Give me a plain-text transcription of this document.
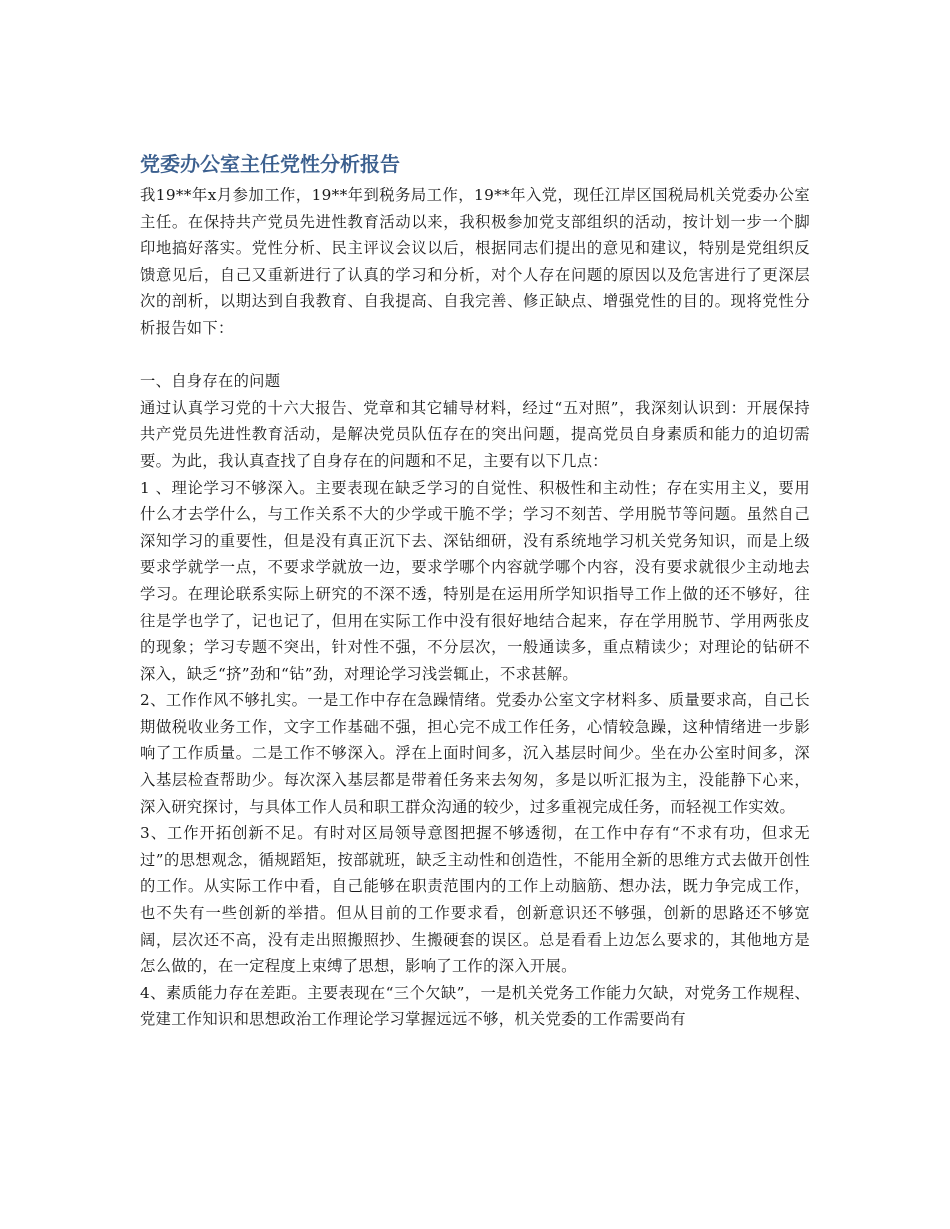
党委办公室主任党性分析报告

我19**年x月参加工作，19**年到税务局工作，19**年入党，现任江岸区国税局机关党委办公室主任。在保持共产党员先进性教育活动以来，我积极参加党支部组织的活动，按计划一步一个脚印地搞好落实。党性分析、民主评议会议以后，根据同志们提出的意见和建议，特别是党组织反馈意见后，自己又重新进行了认真的学习和分析，对个人存在问题的原因以及危害进行了更深层次的剖析，以期达到自我教育、自我提高、自我完善、修正缺点、增强党性的目的。现将党性分析报告如下：

一、自身存在的问题

通过认真学习党的十六大报告、党章和其它辅导材料，经过“五对照”，我深刻认识到：开展保持共产党员先进性教育活动，是解决党员队伍存在的突出问题，提高党员自身素质和能力的迫切需要。为此，我认真查找了自身存在的问题和不足，主要有以下几点：

1 、理论学习不够深入。主要表现在缺乏学习的自觉性、积极性和主动性；存在实用主义，要用什么才去学什么，与工作关系不大的少学或干脆不学；学习不刻苦、学用脱节等问题。虽然自己深知学习的重要性，但是没有真正沉下去、深钻细研，没有系统地学习机关党务知识，而是上级要求学就学一点，不要求学就放一边，要求学哪个内容就学哪个内容，没有要求就很少主动地去学习。在理论联系实际上研究的不深不透，特别是在运用所学知识指导工作上做的还不够好，往往是学也学了，记也记了，但用在实际工作中没有很好地结合起来，存在学用脱节、学用两张皮的现象；学习专题不突出，针对性不强，不分层次，一般通读多，重点精读少；对理论的钻研不深入，缺乏“挤”劲和“钻”劲，对理论学习浅尝辄止，不求甚解。

2、工作作风不够扎实。一是工作中存在急躁情绪。党委办公室文字材料多、质量要求高，自己长期做税收业务工作，文字工作基础不强，担心完不成工作任务，心情较急躁，这种情绪进一步影响了工作质量。二是工作不够深入。浮在上面时间多，沉入基层时间少。坐在办公室时间多，深入基层检查帮助少。每次深入基层都是带着任务来去匆匆，多是以听汇报为主，没能静下心来，深入研究探讨，与具体工作人员和职工群众沟通的较少，过多重视完成任务，而轻视工作实效。

3、工作开拓创新不足。有时对区局领导意图把握不够透彻，在工作中存有“不求有功，但求无过”的思想观念，循规蹈矩，按部就班，缺乏主动性和创造性，不能用全新的思维方式去做开创性的工作。从实际工作中看，自己能够在职责范围内的工作上动脑筋、想办法，既力争完成工作，也不失有一些创新的举措。但从目前的工作要求看，创新意识还不够强，创新的思路还不够宽阔，层次还不高，没有走出照搬照抄、生搬硬套的误区。总是看看上边怎么要求的，其他地方是怎么做的，在一定程度上束缚了思想，影响了工作的深入开展。

4、素质能力存在差距。主要表现在“三个欠缺”，一是机关党务工作能力欠缺，对党务工作规程、党建工作知识和思想政治工作理论学习掌握远远不够，机关党委的工作需要尚有
